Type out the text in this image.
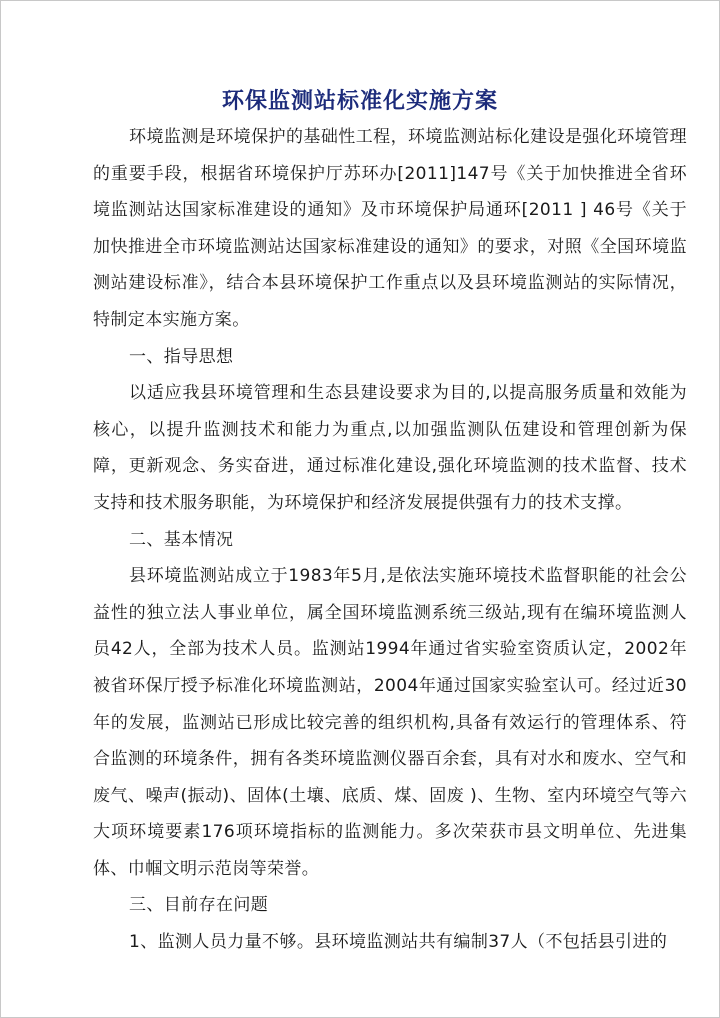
环保监测站标准化实施方案

环境监测是环境保护的基础性工程，环境监测站标化建设是强化环境管理的重要手段，根据省环境保护厅苏环办[2011]147号《关于加快推进全省环境监测站达国家标准建设的通知》及市环境保护局通环[2011 ] 46号《关于加快推进全市环境监测站达国家标准建设的通知》的要求，对照《全国环境监测站建设标准》，结合本县环境保护工作重点以及县环境监测站的实际情况，特制定本实施方案。

一、指导思想

以适应我县环境管理和生态县建设要求为目的,以提高服务质量和效能为核心，以提升监测技术和能力为重点,以加强监测队伍建设和管理创新为保障，更新观念、务实奋进，通过标准化建设,强化环境监测的技术监督、技术支持和技术服务职能，为环境保护和经济发展提供强有力的技术支撑。

二、基本情况

县环境监测站成立于1983年5月,是依法实施环境技术监督职能的社会公益性的独立法人事业单位，属全国环境监测系统三级站,现有在编环境监测人员42人，全部为技术人员。监测站1994年通过省实验室资质认定，2002年被省环保厅授予标准化环境监测站，2004年通过国家实验室认可。经过近30年的发展，监测站已形成比较完善的组织机构,具备有效运行的管理体系、符合监测的环境条件，拥有各类环境监测仪器百余套，具有对水和废水、空气和废气、噪声(振动)、固体(土壤、底质、煤、固废 )、生物、室内环境空气等六大项环境要素176项环境指标的监测能力。多次荣获市县文明单位、先进集体、巾帼文明示范岗等荣誉。

三、目前存在问题

1、监测人员力量不够。县环境监测站共有编制37人（不包括县引进的
